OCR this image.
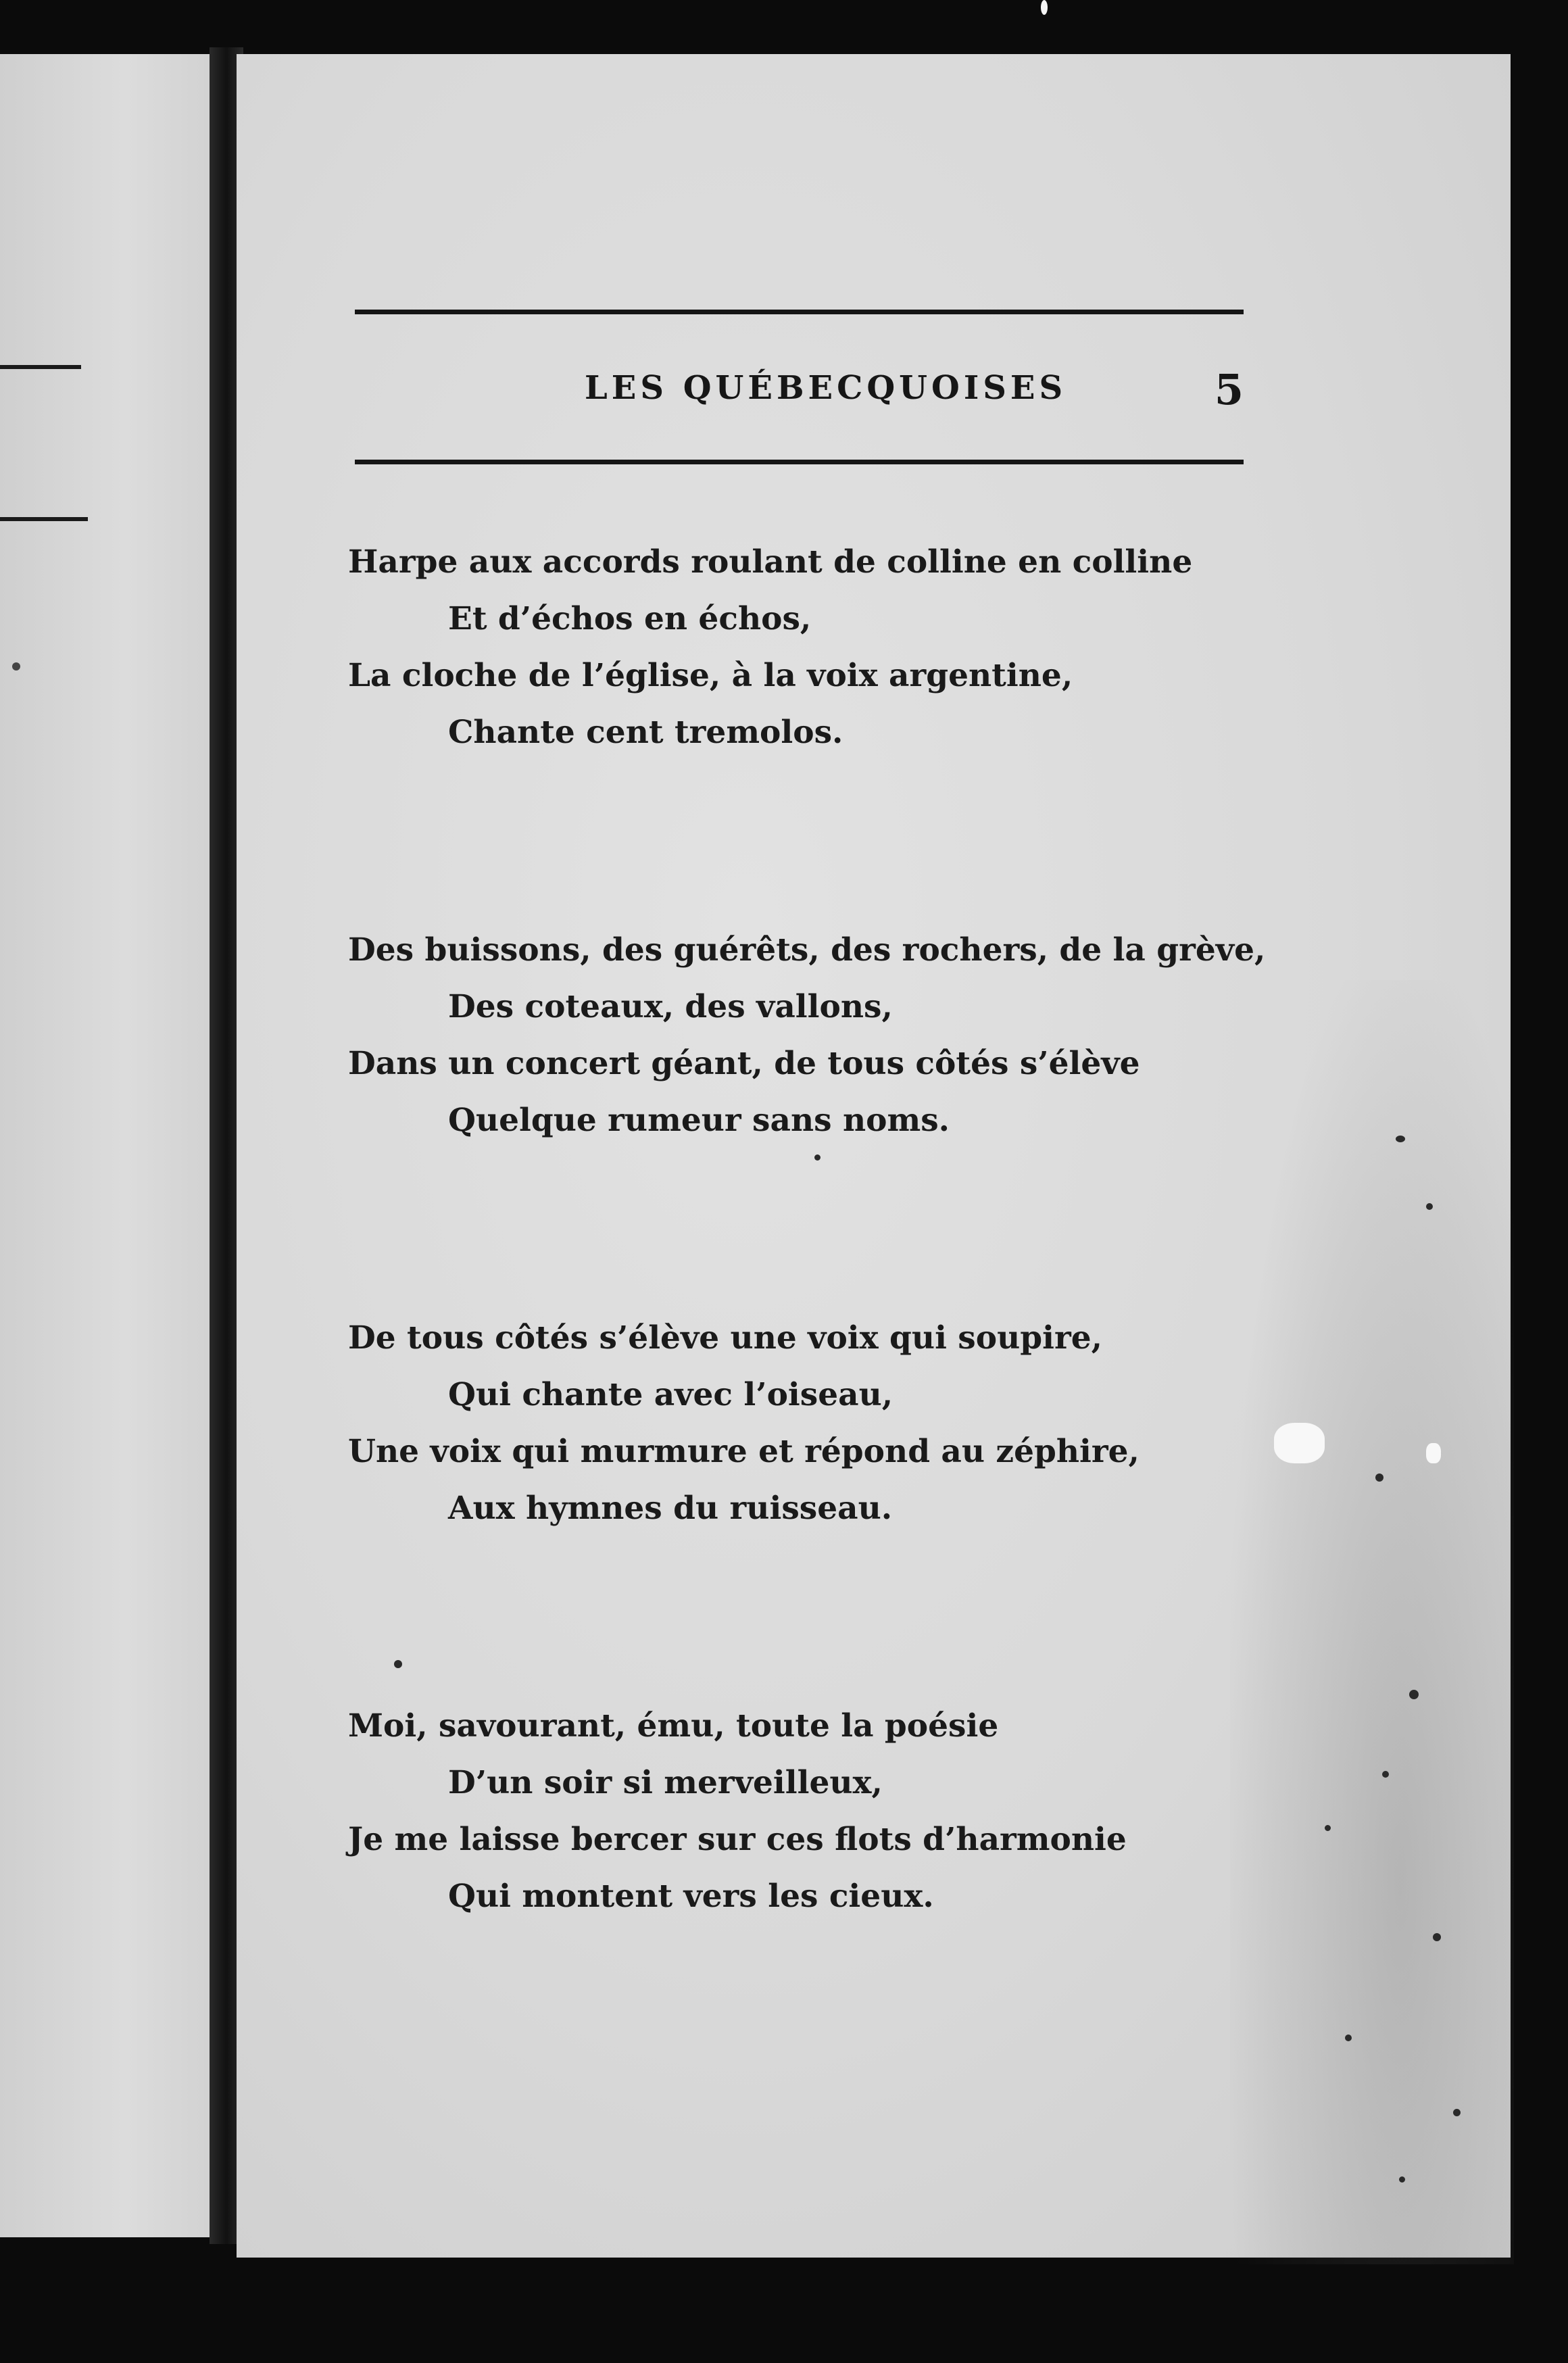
LES QUÉBECQUOISES	5
Harpe aux accords roulant de colline en colline
Et d’échos en échos,
La cloche de l’église, à la voix argentine,
Chante cent tremolos.
Des buissons, des guérêts, des rochers, de la grève,
Des coteaux, des vallons,
Dans un concert géant, de tous côtés s’élève
Quelque rumeur sans noms.
De tous côtés s’élève une voix qui soupire,
Qui chante avec l’oiseau,
Une voix qui murmure et répond au zéphire,
Aux hymnes du ruisseau.
Moi, savourant, ému, toute la poésie
D’un soir si merveilleux,
Je me laisse bercer sur ces flots d’harmonie
Qui montent vers les cieux.
